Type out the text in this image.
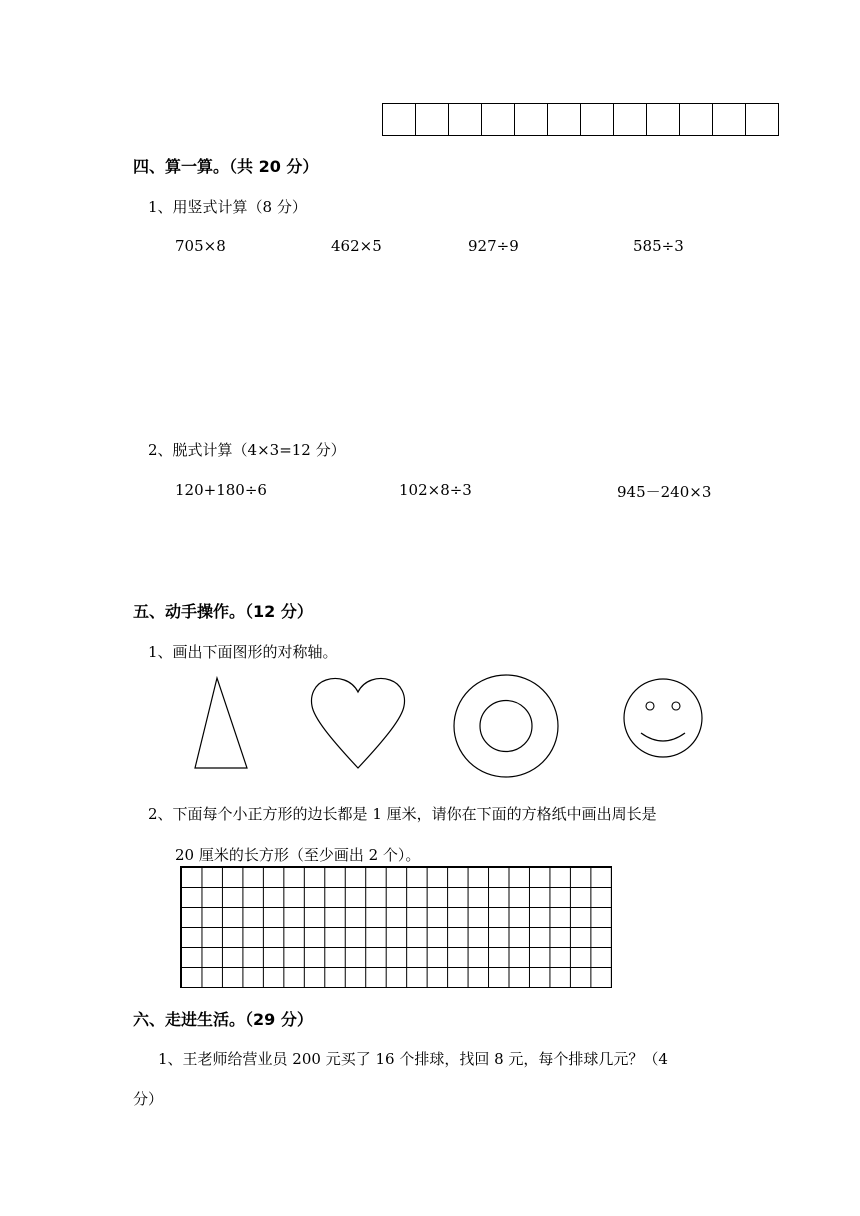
四、算一算。（共 20 分）
1、用竖式计算（8 分）
705×8	462×5	927÷9	585÷3
2、脱式计算（4×3=12 分）
120+180÷6	102×8÷3	945－240×3
五、动手操作。（12 分）
1、画出下面图形的对称轴。
2、下面每个小正方形的边长都是 1 厘米，请你在下面的方格纸中画出周长是
20 厘米的长方形（至少画出 2 个）。
六、走进生活。（29 分）
1、王老师给营业员 200 元买了 16 个排球，找回 8 元，每个排球几元？（4
分）
